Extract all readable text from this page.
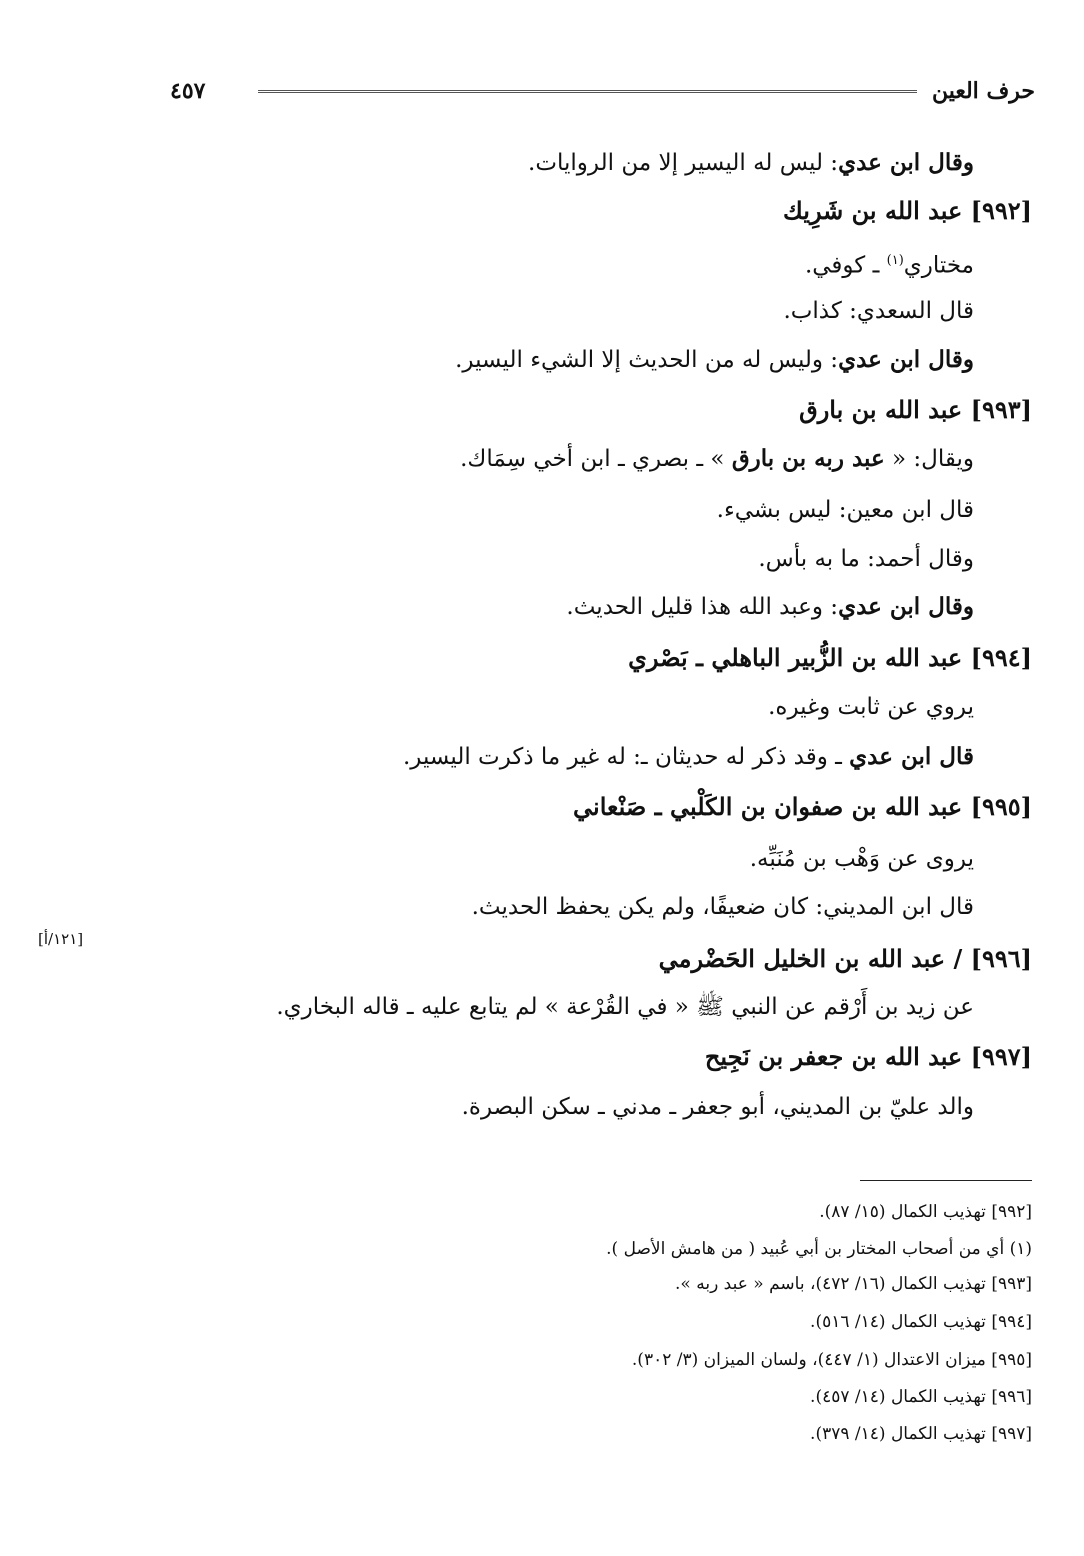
حرف العين
٤٥٧
وقال ابن عدي: ليس له اليسير إلا من الروايات.
[٩٩٢] عبد الله بن شَرِيك
مختاري$^{(١)}$ ـ كوفي.
قال السعدي: كذاب.
وقال ابن عدي: وليس له من الحديث إلا الشيء اليسير.
[٩٩٣] عبد الله بن بارق
ويقال: « عبد ربه بن بارق » ـ بصري ـ ابن أخي سِمَاك.
قال ابن معين: ليس بشيء.
وقال أحمد: ما به بأس.
وقال ابن عدي: وعبد الله هذا قليل الحديث.
[٩٩٤] عبد الله بن الزُّبير الباهلي ـ بَصْري
يروي عن ثابت وغيره.
قال ابن عدي ـ وقد ذكر له حديثان ـ: له غير ما ذكرت اليسير.
[٩٩٥] عبد الله بن صفوان بن الكَلْبي ـ صَنْعاني
يروى عن وَهْب بن مُنَبِّه.
قال ابن المديني: كان ضعيفًا، ولم يكن يحفظ الحديث.
[٩٩٦] / عبد الله بن الخليل الحَضْرمي
عن زيد بن أَرْقم عن النبي ﷺ « في القُرْعة » لم يتابع عليه ـ قاله البخاري.
[٩٩٧] عبد الله بن جعفر بن نَجِيح
والد عليّ بن المديني، أبو جعفر ـ مدني ـ سكن البصرة.
[١٢١/أ]
[٩٩٢] تهذيب الكمال (١٥/ ٨٧).
(١) أي من أصحاب المختار بن أبي عُبيد ( من هامش الأصل ).
[٩٩٣] تهذيب الكمال (١٦/ ٤٧٢)، باسم « عبد ربه ».
[٩٩٤] تهذيب الكمال (١٤/ ٥١٦).
[٩٩٥] ميزان الاعتدال (١/ ٤٤٧)، ولسان الميزان (٣/ ٣٠٢).
[٩٩٦] تهذيب الكمال (١٤/ ٤٥٧).
[٩٩٧] تهذيب الكمال (١٤/ ٣٧٩).
